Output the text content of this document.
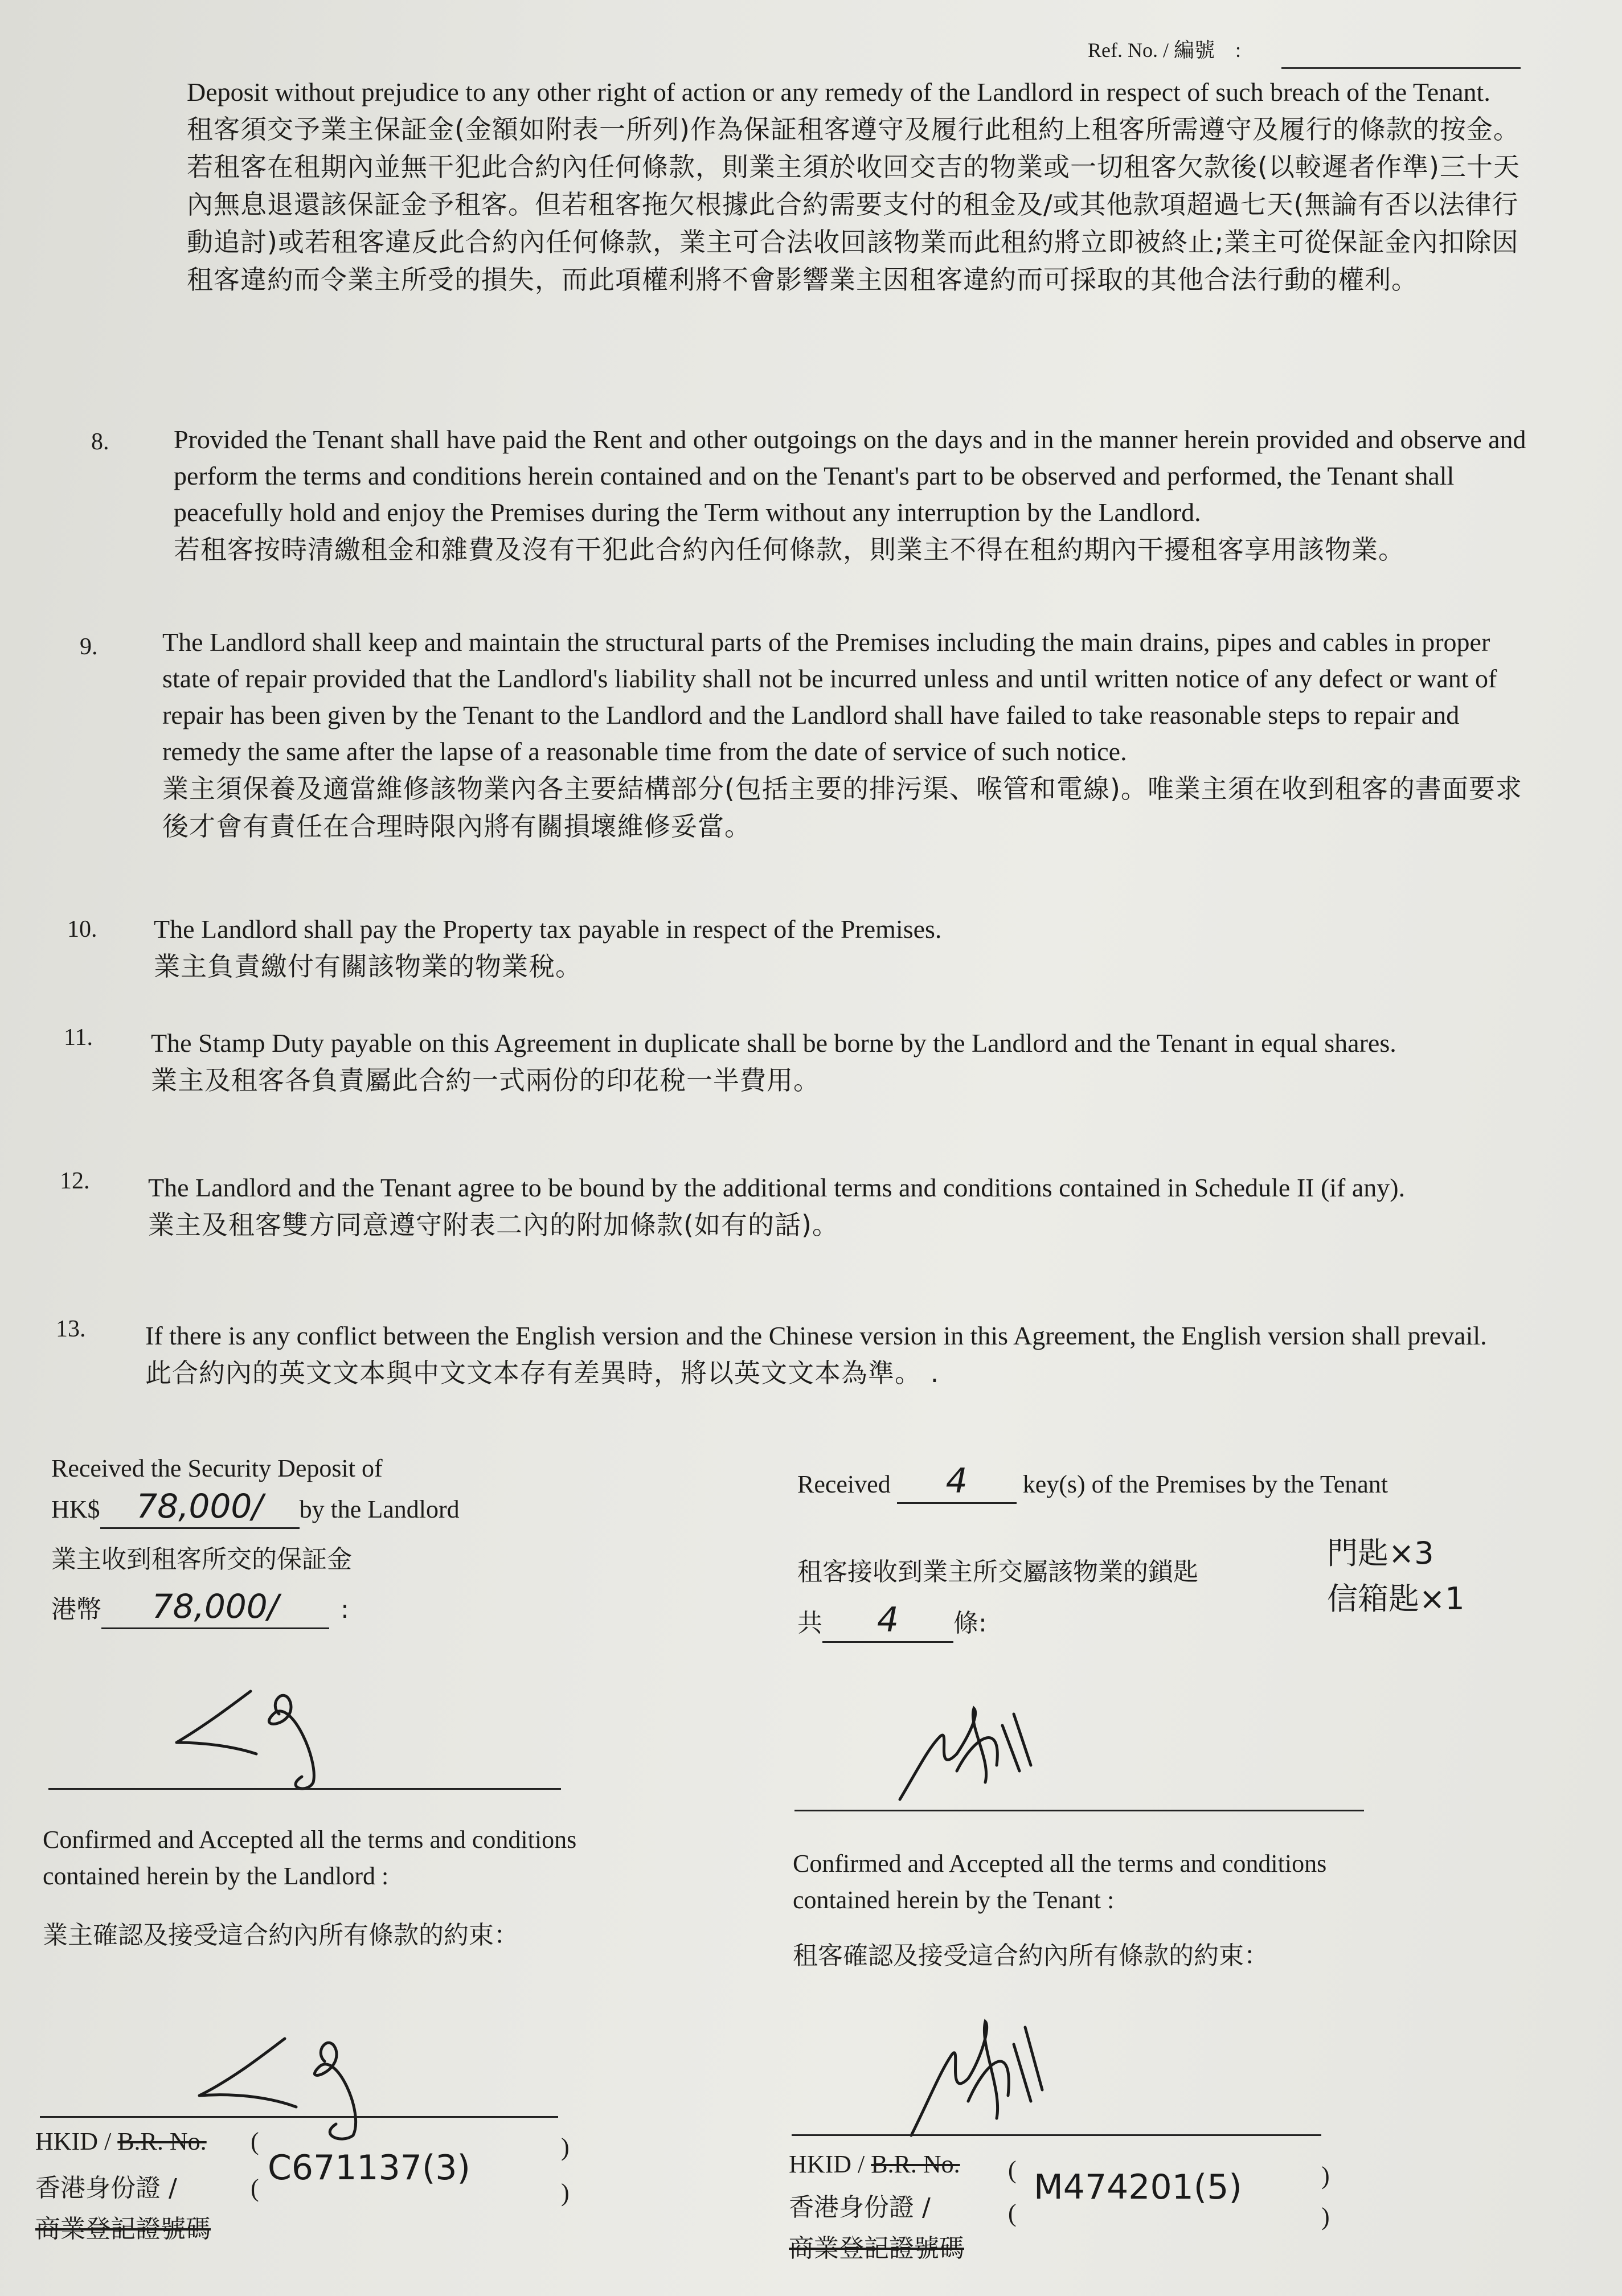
Ref. No. / 編號　:
Deposit without prejudice to any other right of action or any remedy of the Landlord in respect of such breach of the Tenant.
租客須交予業主保証金(金額如附表一所列)作為保証租客遵守及履行此租約上租客所需遵守及履行的條款的按金。若租客在租期內並無干犯此合約內任何條款，則業主須於收回交吉的物業或一切租客欠款後(以較遲者作準)三十天內無息退還該保証金予租客。但若租客拖欠根據此合約需要支付的租金及/或其他款項超過七天(無論有否以法律行動追討)或若租客違反此合約內任何條款，業主可合法收回該物業而此租約將立即被終止;業主可從保証金內扣除因租客違約而令業主所受的損失，而此項權利將不會影響業主因租客違約而可採取的其他合法行動的權利。
8. Provided the Tenant shall have paid the Rent and other outgoings on the days and in the manner herein provided and observe and perform the terms and conditions herein contained and on the Tenant's part to be observed and performed, the Tenant shall peacefully hold and enjoy the Premises during the Term without any interruption by the Landlord.
若租客按時清繳租金和雜費及沒有干犯此合約內任何條款，則業主不得在租約期內干擾租客享用該物業。
9. The Landlord shall keep and maintain the structural parts of the Premises including the main drains, pipes and cables in proper state of repair provided that the Landlord's liability shall not be incurred unless and until written notice of any defect or want of repair has been given by the Tenant to the Landlord and the Landlord shall have failed to take reasonable steps to repair and remedy the same after the lapse of a reasonable time from the date of service of such notice.
業主須保養及適當維修該物業內各主要結構部分(包括主要的排污渠、喉管和電線)。唯業主須在收到租客的書面要求後才會有責任在合理時限內將有關損壞維修妥當。
10. The Landlord shall pay the Property tax payable in respect of the Premises.
業主負責繳付有關該物業的物業稅。
11. The Stamp Duty payable on this Agreement in duplicate shall be borne by the Landlord and the Tenant in equal shares.
業主及租客各負責屬此合約一式兩份的印花稅一半費用。
12. The Landlord and the Tenant agree to be bound by the additional terms and conditions contained in Schedule II (if any).
業主及租客雙方同意遵守附表二內的附加條款(如有的話)。
13. If there is any conflict between the English version and the Chinese version in this Agreement, the English version shall prevail.
此合約內的英文文本與中文文本存有差異時，將以英文文本為準。 .
Received the Security Deposit of
HK$ 78,000/ by the Landlord
業主收到租客所交的保証金
港幣 78,000/ :
Received 4 key(s) of the Premises by the Tenant
租客接收到業主所交屬該物業的鎖匙
共 4 條:
門匙×3
信箱匙×1
Confirmed and Accepted all the terms and conditions
contained herein by the Landlord :
業主確認及接受這合約內所有條款的約束：
Confirmed and Accepted all the terms and conditions
contained herein by the Tenant :
租客確認及接受這合約內所有條款的約束：
HKID / B.R. No. (
C671137(3)
)
香港身份證 /	(	)
商業登記證號碼
HKID / B.R. No. ( M474201(5)	)
香港身份證 /	(	)
商業登記證號碼
